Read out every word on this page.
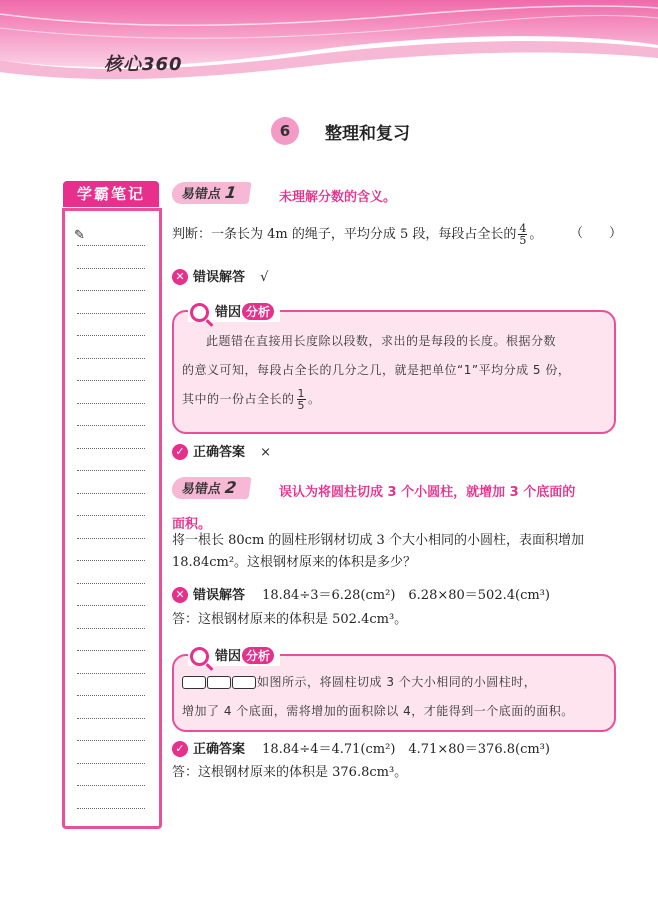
核心360
6	整理和复习
学霸笔记
✎
易错点 1	未理解分数的含义。
判断：一条长为 4m 的绳子，平均分成 5 段，每段占全长的 $\frac{4}{5}$ 。 （　　）
✕ 错误解答 √
错因 分析
此题错在直接用长度除以段数，求出的是每段的长度。根据分数
的意义可知，每段占全长的几分之几，就是把单位“1”平均分成 5 份，
其中的一份占全长的 $\frac{1}{5}$ 。
✓ 正确答案 ×
易错点 2	误认为将圆柱切成 3 个小圆柱，就增加 3 个底面的
面积。
将一根长 80cm 的圆柱形钢材切成 3 个大小相同的小圆柱，表面积增加
18.84cm²。这根钢材原来的体积是多少？
✕ 错误解答 18.84÷3＝6.28(cm²)　6.28×80＝502.4(cm³)
答：这根钢材原来的体积是 502.4cm³。
错因 分析
如图所示，将圆柱切成 3 个大小相同的小圆柱时，
增加了 4 个底面，需将增加的面积除以 4，才能得到一个底面的面积。
✓ 正确答案 18.84÷4＝4.71(cm²)　4.71×80＝376.8(cm³)
答：这根钢材原来的体积是 376.8cm³。
